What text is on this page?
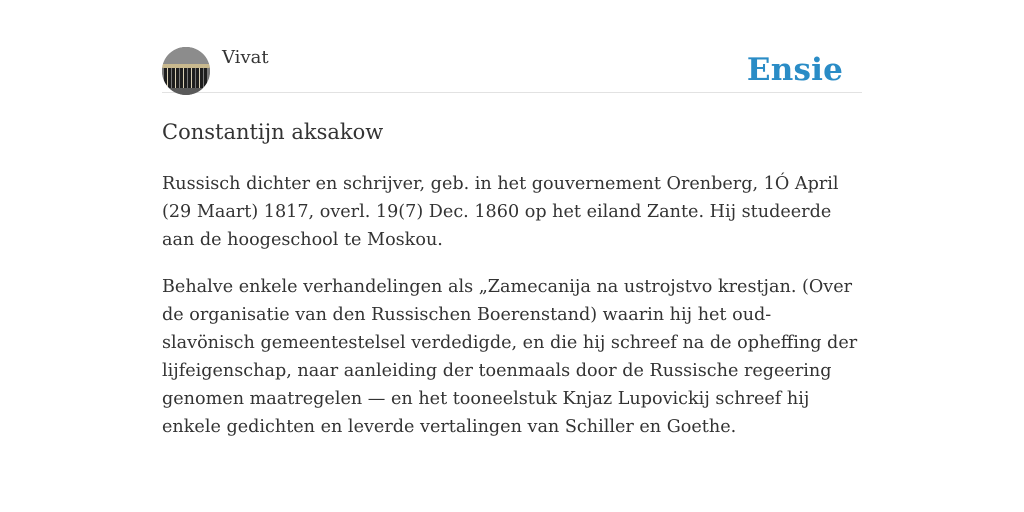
Vivat	Ensie
Constantijn aksakow

Russisch dichter en schrijver, geb. in het gouvernement Orenberg, 1Ó April (29 Maart) 1817, overl. 19(7) Dec. 1860 op het eiland Zante. Hij studeerde aan de hoogeschool te Moskou.

Behalve enkele verhandelingen als „Zamecanija na ustrojstvo krestjan. (Over de organisatie van den Russischen Boerenstand) waarin hij het oud-slavönisch gemeentestelsel verdedigde, en die hij schreef na de opheffing der lijfeigenschap, naar aanleiding der toenmaals door de Russische regeering genomen maatregelen — en het tooneelstuk Knjaz Lupovickij schreef hij enkele gedichten en leverde vertalingen van Schiller en Goethe.
